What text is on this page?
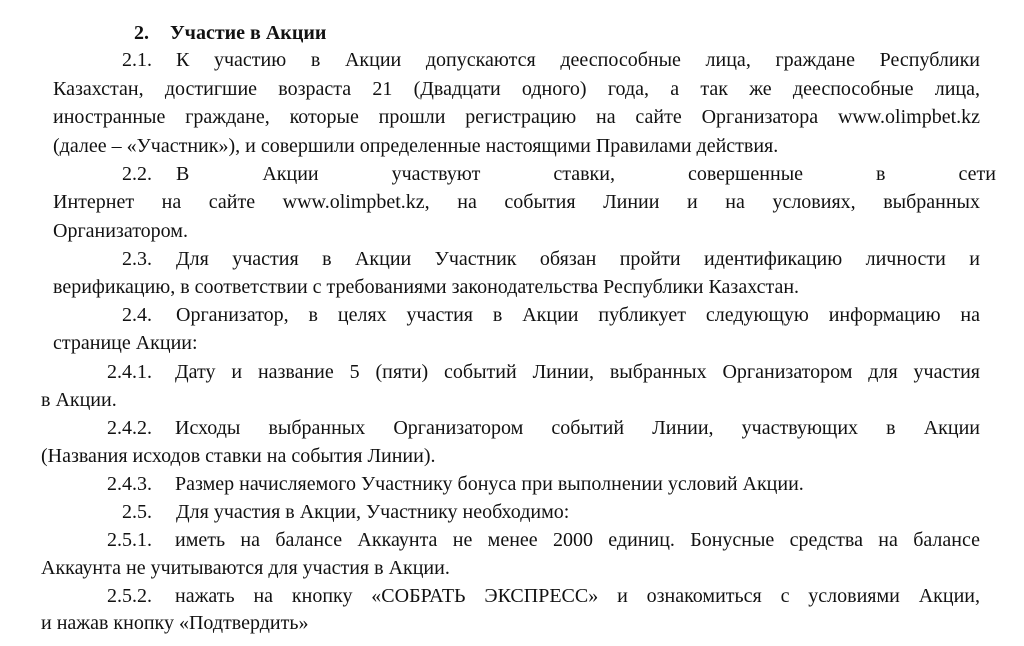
2. Участие в Акции
2.1. К участию в Акции допускаются дееспособные лица, граждане Республики
Казахстан, достигшие возраста 21 (Двадцати одного) года, а так же дееспособные лица,
иностранные граждане, которые прошли регистрацию на сайте Организатора www.olimpbet.kz
(далее – «Участник»), и совершили определенные настоящими Правилами действия.
2.2. В Акции участвуют ставки, совершенные в сети
Интернет на сайте www.olimpbet.kz, на события Линии и на условиях, выбранных
Организатором.
2.3. Для участия в Акции Участник обязан пройти идентификацию личности и
верификацию, в соответствии с требованиями законодательства Республики Казахстан.
2.4. Организатор, в целях участия в Акции публикует следующую информацию на
странице Акции:
2.4.1. Дату и название 5 (пяти) событий Линии, выбранных Организатором для участия
в Акции.
2.4.2. Исходы выбранных Организатором событий Линии, участвующих в Акции
(Названия исходов ставки на события Линии).
2.4.3. Размер начисляемого Участнику бонуса при выполнении условий Акции.
2.5. Для участия в Акции, Участнику необходимо:
2.5.1. иметь на балансе Аккаунта не менее 2000 единиц. Бонусные средства на балансе
Аккаунта не учитываются для участия в Акции.
2.5.2. нажать на кнопку «СОБРАТЬ ЭКСПРЕСС» и ознакомиться с условиями Акции,
и нажав кнопку «Подтвердить»
